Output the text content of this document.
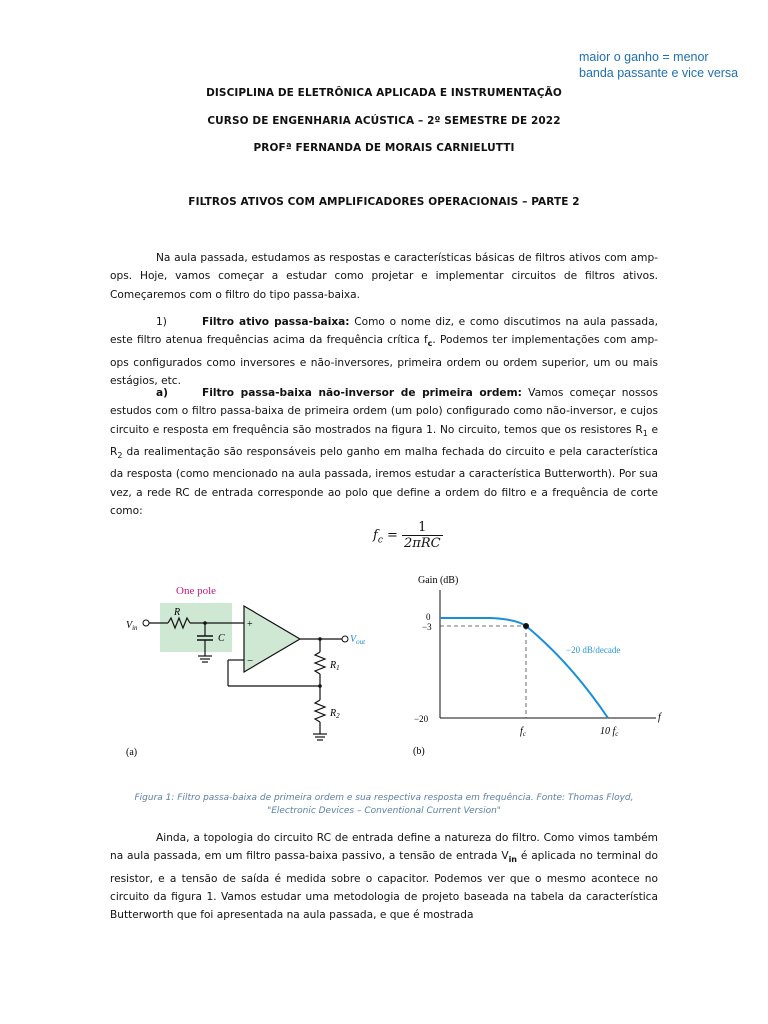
maior o ganho = menor
banda passante e vice versa
DISCIPLINA DE ELETRÔNICA APLICADA E INSTRUMENTAÇÃO
CURSO DE ENGENHARIA ACÚSTICA – 2º SEMESTRE DE 2022
PROFª FERNANDA DE MORAIS CARNIELUTTI
FILTROS ATIVOS COM AMPLIFICADORES OPERACIONAIS – PARTE 2
Na aula passada, estudamos as respostas e características básicas de filtros ativos com amp-ops. Hoje, vamos começar a estudar como projetar e implementar circuitos de filtros ativos. Começaremos com o filtro do tipo passa-baixa.
1)	Filtro ativo passa-baixa: Como o nome diz, e como discutimos na aula passada, este filtro atenua frequências acima da frequência crítica $f_c$. Podemos ter implementações com amp-ops configurados como inversores e não-inversores, primeira ordem ou ordem superior, um ou mais estágios, etc.
a)	Filtro passa-baixa não-inversor de primeira ordem: Vamos começar nossos estudos com o filtro passa-baixa de primeira ordem (um polo) configurado como não-inversor, e cujos circuito e resposta em frequência são mostrados na figura 1. No circuito, temos que os resistores $R_1$ e $R_2$ da realimentação são responsáveis pelo ganho em malha fechada do circuito e pela característica da resposta (como mencionado na aula passada, iremos estudar a característica Butterworth). Por sua vez, a rede RC de entrada corresponde ao polo que define a ordem do filtro e a frequência de corte como:
$f_c$ =
1
2πRC
One pole
$V_{in}$
R
C
+
−
$V_{out}$
$R_1$
$R_2$
(a)
Gain (dB)
f
0
−3
−20
−20 dB/decade
$f_c$	10 $f_c$
(b)
Figura 1: Filtro passa-baixa de primeira ordem e sua respectiva resposta em frequência. Fonte: Thomas Floyd,
"Electronic Devices – Conventional Current Version"
Ainda, a topologia do circuito RC de entrada define a natureza do filtro. Como vimos também na aula passada, em um filtro passa-baixa passivo, a tensão de entrada $V_{in}$ é aplicada no terminal do resistor, e a tensão de saída é medida sobre o capacitor. Podemos ver que o mesmo acontece no circuito da figura 1. Vamos estudar uma metodologia de projeto baseada na tabela da característica Butterworth que foi apresentada na aula passada, e que é mostrada
